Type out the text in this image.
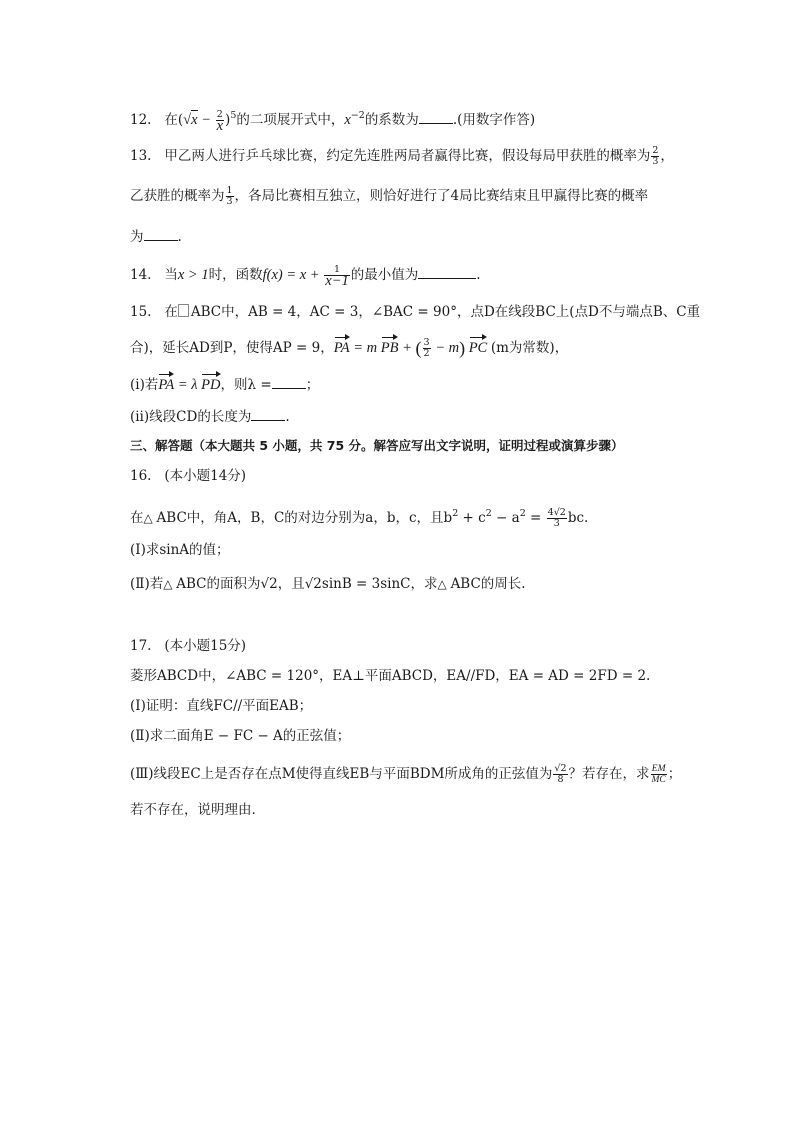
12. 在$(√x - \frac{2}{x} )^5$的二项展开式中，$x^{-2}$的系数为	.(用数字作答)
13. 甲乙两人进行乒乓球比赛，约定先连胜两局者赢得比赛，假设每局甲获胜的概率为 $\frac{2}{3}$ ，
乙获胜的概率为 $\frac{1}{3}$ ，各局比赛相互独立，则恰好进行了4局比赛结束且甲赢得比赛的概率
为	.
14. 当x > 1时，函数$f(x) = x + \frac{1}{x-1}$ 的最小值为	.
15. 在 ABC中，AB = 4，AC = 3，∠BAC = 90°，点D在线段BC上(点D不与端点B、C重
合)，延长AD到P，使得AP = 9，PA = m PB + ( $\frac{3}{2} - m$) PC (m为常数)，
(ⅰ)若PA = λ PD，则λ =	；
(ⅱ)线段CD的长度为	.
三、解答题（本大题共 5 小题，共 75 分。解答应写出文字说明，证明过程或演算步骤）
16. (本小题14分)
在△ ABC中，角A，B，C的对边分别为a，b，c，且$b^2 + c^2 - a^2 = \frac{4√2}{3}$ bc.
(Ⅰ)求sinA的值；
(Ⅱ)若△ ABC的面积为√2，且√2sinB = 3sinC，求△ ABC的周长.
17. (本小题15分)
菱形ABCD中，∠ABC = 120°，EA⊥平面ABCD，EA//FD，EA = AD = 2FD = 2.
(Ⅰ)证明：直线FC//平面EAB；
(Ⅱ)求二面角E − FC − A的正弦值；
(Ⅲ)线段EC上是否存在点M使得直线EB与平面BDM所成角的正弦值为 $\frac{√2}{8}$ ？若存在，求 $\frac{EM}{MC}$ ；
若不存在，说明理由.
